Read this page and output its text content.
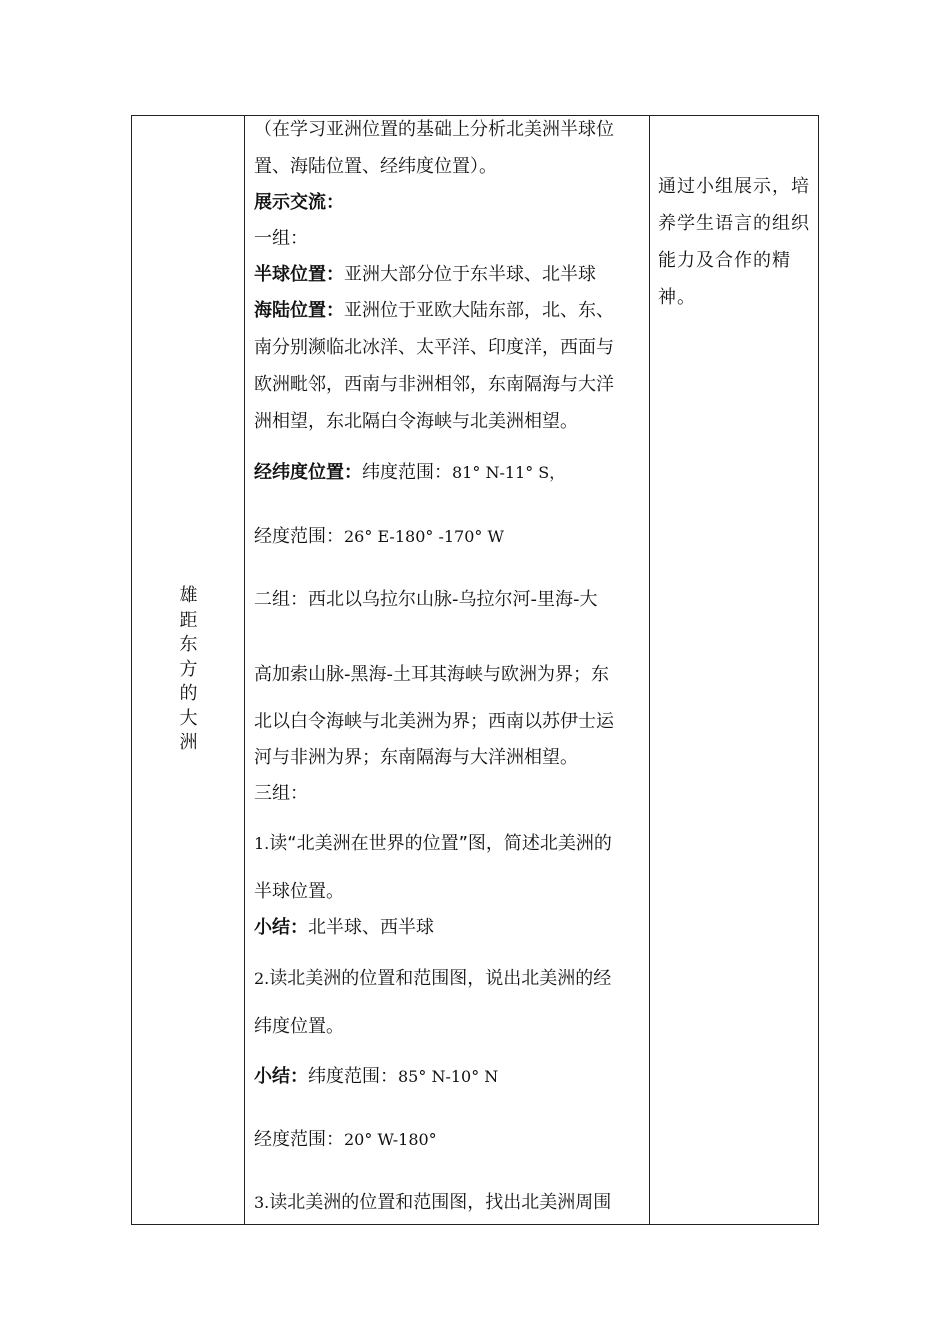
雄距东方的大洲
（在学习亚洲位置的基础上分析北美洲半球位
置、海陆位置、经纬度位置）。
展示交流：
一组：
半球位置：亚洲大部分位于东半球、北半球
海陆位置：亚洲位于亚欧大陆东部，北、东、
南分别濒临北冰洋、太平洋、印度洋，西面与
欧洲毗邻，西南与非洲相邻，东南隔海与大洋
洲相望，东北隔白令海峡与北美洲相望。
经纬度位置：纬度范围：81° N-11° S，
经度范围：26° E-180° -170° W
二组：西北以乌拉尔山脉-乌拉尔河-里海-大
高加索山脉-黑海-土耳其海峡与欧洲为界；东
北以白令海峡与北美洲为界；西南以苏伊士运
河与非洲为界；东南隔海与大洋洲相望。
三组：
1.读“北美洲在世界的位置”图，简述北美洲的
半球位置。
小结：北半球、西半球
2.读北美洲的位置和范围图，说出北美洲的经
纬度位置。
小结：纬度范围：85° N-10° N
经度范围：20° W-180°
3.读北美洲的位置和范围图，找出北美洲周围
通过小组展示，培
养学生语言的组织
能力及合作的精
神。
